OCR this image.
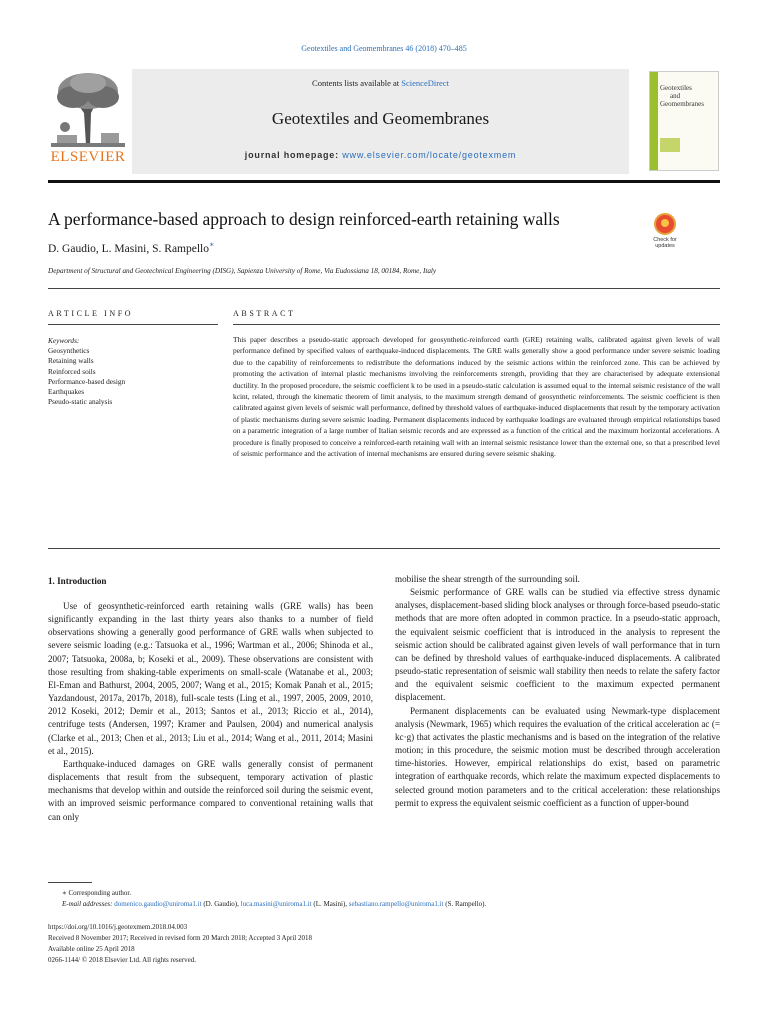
Geotextiles and Geomembranes 46 (2018) 470–485
ELSEVIER
Contents lists available at ScienceDirect
Geotextiles and Geomembranes
journal homepage: www.elsevier.com/locate/geotexmem
Geotextiles
and
Geomembranes
A performance-based approach to design reinforced-earth retaining walls
D. Gaudio, L. Masini, S. Rampello∗	Check for
updates
Department of Structural and Geotechnical Engineering (DISG), Sapienza University of Rome, Via Eudossiana 18, 00184, Rome, Italy
ARTICLE INFO	ABSTRACT
Keywords:
Geosynthetics
Retaining walls
Reinforced soils
Performance-based design
Earthquakes
Pseudo-static analysis
This paper describes a pseudo-static approach developed for geosynthetic-reinforced earth (GRE) retaining walls, calibrated against given levels of wall performance defined by specified values of earthquake-induced displacements. The GRE walls generally show a good performance under severe seismic loading due to the capability of reinforcements to redistribute the deformations induced by the seismic actions within the reinforced zone. This can be achieved by promoting the activation of internal plastic mechanisms involving the reinforcements strength, providing that they are characterised by adequate extensional ductility. In the proposed procedure, the seismic coefficient k to be used in a pseudo-static calculation is assumed equal to the internal seismic resistance of the wall kcint, related, through the kinematic theorem of limit analysis, to the maximum strength demand of geosynthetic reinforcements. The seismic coefficient is then calibrated against given levels of seismic wall performance, defined by threshold values of earthquake-induced displacements that result by the temporary activation of plastic mechanisms during severe seismic loading. Permanent displacements induced by earthquake loadings are evaluated through empirical relationships based on a parametric integration of a large number of Italian seismic records and are expressed as a function of the critical and the maximum horizontal accelerations. A procedure is finally proposed to conceive a reinforced-earth retaining wall with an internal seismic resistance lower than the external one, so that a prescribed level of seismic performance and the activation of internal mechanisms are ensured during severe seismic shaking.
1. Introduction

Use of geosynthetic-reinforced earth retaining walls (GRE walls) has been significantly expanding in the last thirty years also thanks to a number of field observations showing a generally good performance of GRE walls when subjected to severe seismic loading (e.g.: Tatsuoka et al., 1996; Wartman et al., 2006; Shinoda et al., 2007; Tatsuoka, 2008a, b; Koseki et al., 2009). These observations are consistent with those resulting from shaking-table experiments on small-scale (Watanabe et al., 2003; El-Eman and Bathurst, 2004, 2005, 2007; Wang et al., 2015; Komak Panah et al., 2015; Yazdandoust, 2017a, 2017b, 2018), full-scale tests (Ling et al., 1997, 2005, 2009, 2010, 2012 Koseki, 2012; Demir et al., 2013; Santos et al., 2013; Riccio et al., 2014), centrifuge tests (Andersen, 1997; Kramer and Paulsen, 2004) and numerical analysis (Clarke et al., 2013; Chen et al., 2013; Liu et al., 2014; Wang et al., 2011, 2014; Masini et al., 2015).

Earthquake-induced damages on GRE walls generally consist of permanent displacements that result from the subsequent, temporary activation of plastic mechanisms that develop within and outside the reinforced soil during the seismic event, with an improved seismic performance compared to conventional retaining walls that can only

mobilise the shear strength of the surrounding soil.

Seismic performance of GRE walls can be studied via effective stress dynamic analyses, displacement-based sliding block analyses or through force-based pseudo-static methods that are more often adopted in common practice. In a pseudo-static approach, the equivalent seismic coefficient that is introduced in the analysis to represent the seismic action should be calibrated against given levels of wall performance that in turn can be defined by threshold values of earthquake-induced displacements. A calibrated pseudo-static representation of seismic wall stability then needs to relate the safety factor and the equivalent seismic coefficient to the maximum expected permanent displacement.

Permanent displacements can be evaluated using Newmark-type displacement analysis (Newmark, 1965) which requires the evaluation of the critical acceleration ac (= kc·g) that activates the plastic mechanisms and is based on the integration of the relative motion; in this procedure, the seismic motion must be described through acceleration time-histories. However, empirical relationships do exist, based on parametric integration of earthquake records, which relate the maximum expected displacements to selected ground motion parameters and to the critical acceleration: these relationships permit to express the equivalent seismic coefficient as a function of upper-bound

∗ Corresponding author.
E-mail addresses: domenico.gaudio@uniroma1.it (D. Gaudio), luca.masini@uniroma1.it (L. Masini), sebastiano.rampello@uniroma1.it (S. Rampello).
https://doi.org/10.1016/j.geotexmem.2018.04.003
Received 8 November 2017; Received in revised form 20 March 2018; Accepted 3 April 2018
Available online 25 April 2018
0266-1144/ © 2018 Elsevier Ltd. All rights reserved.
